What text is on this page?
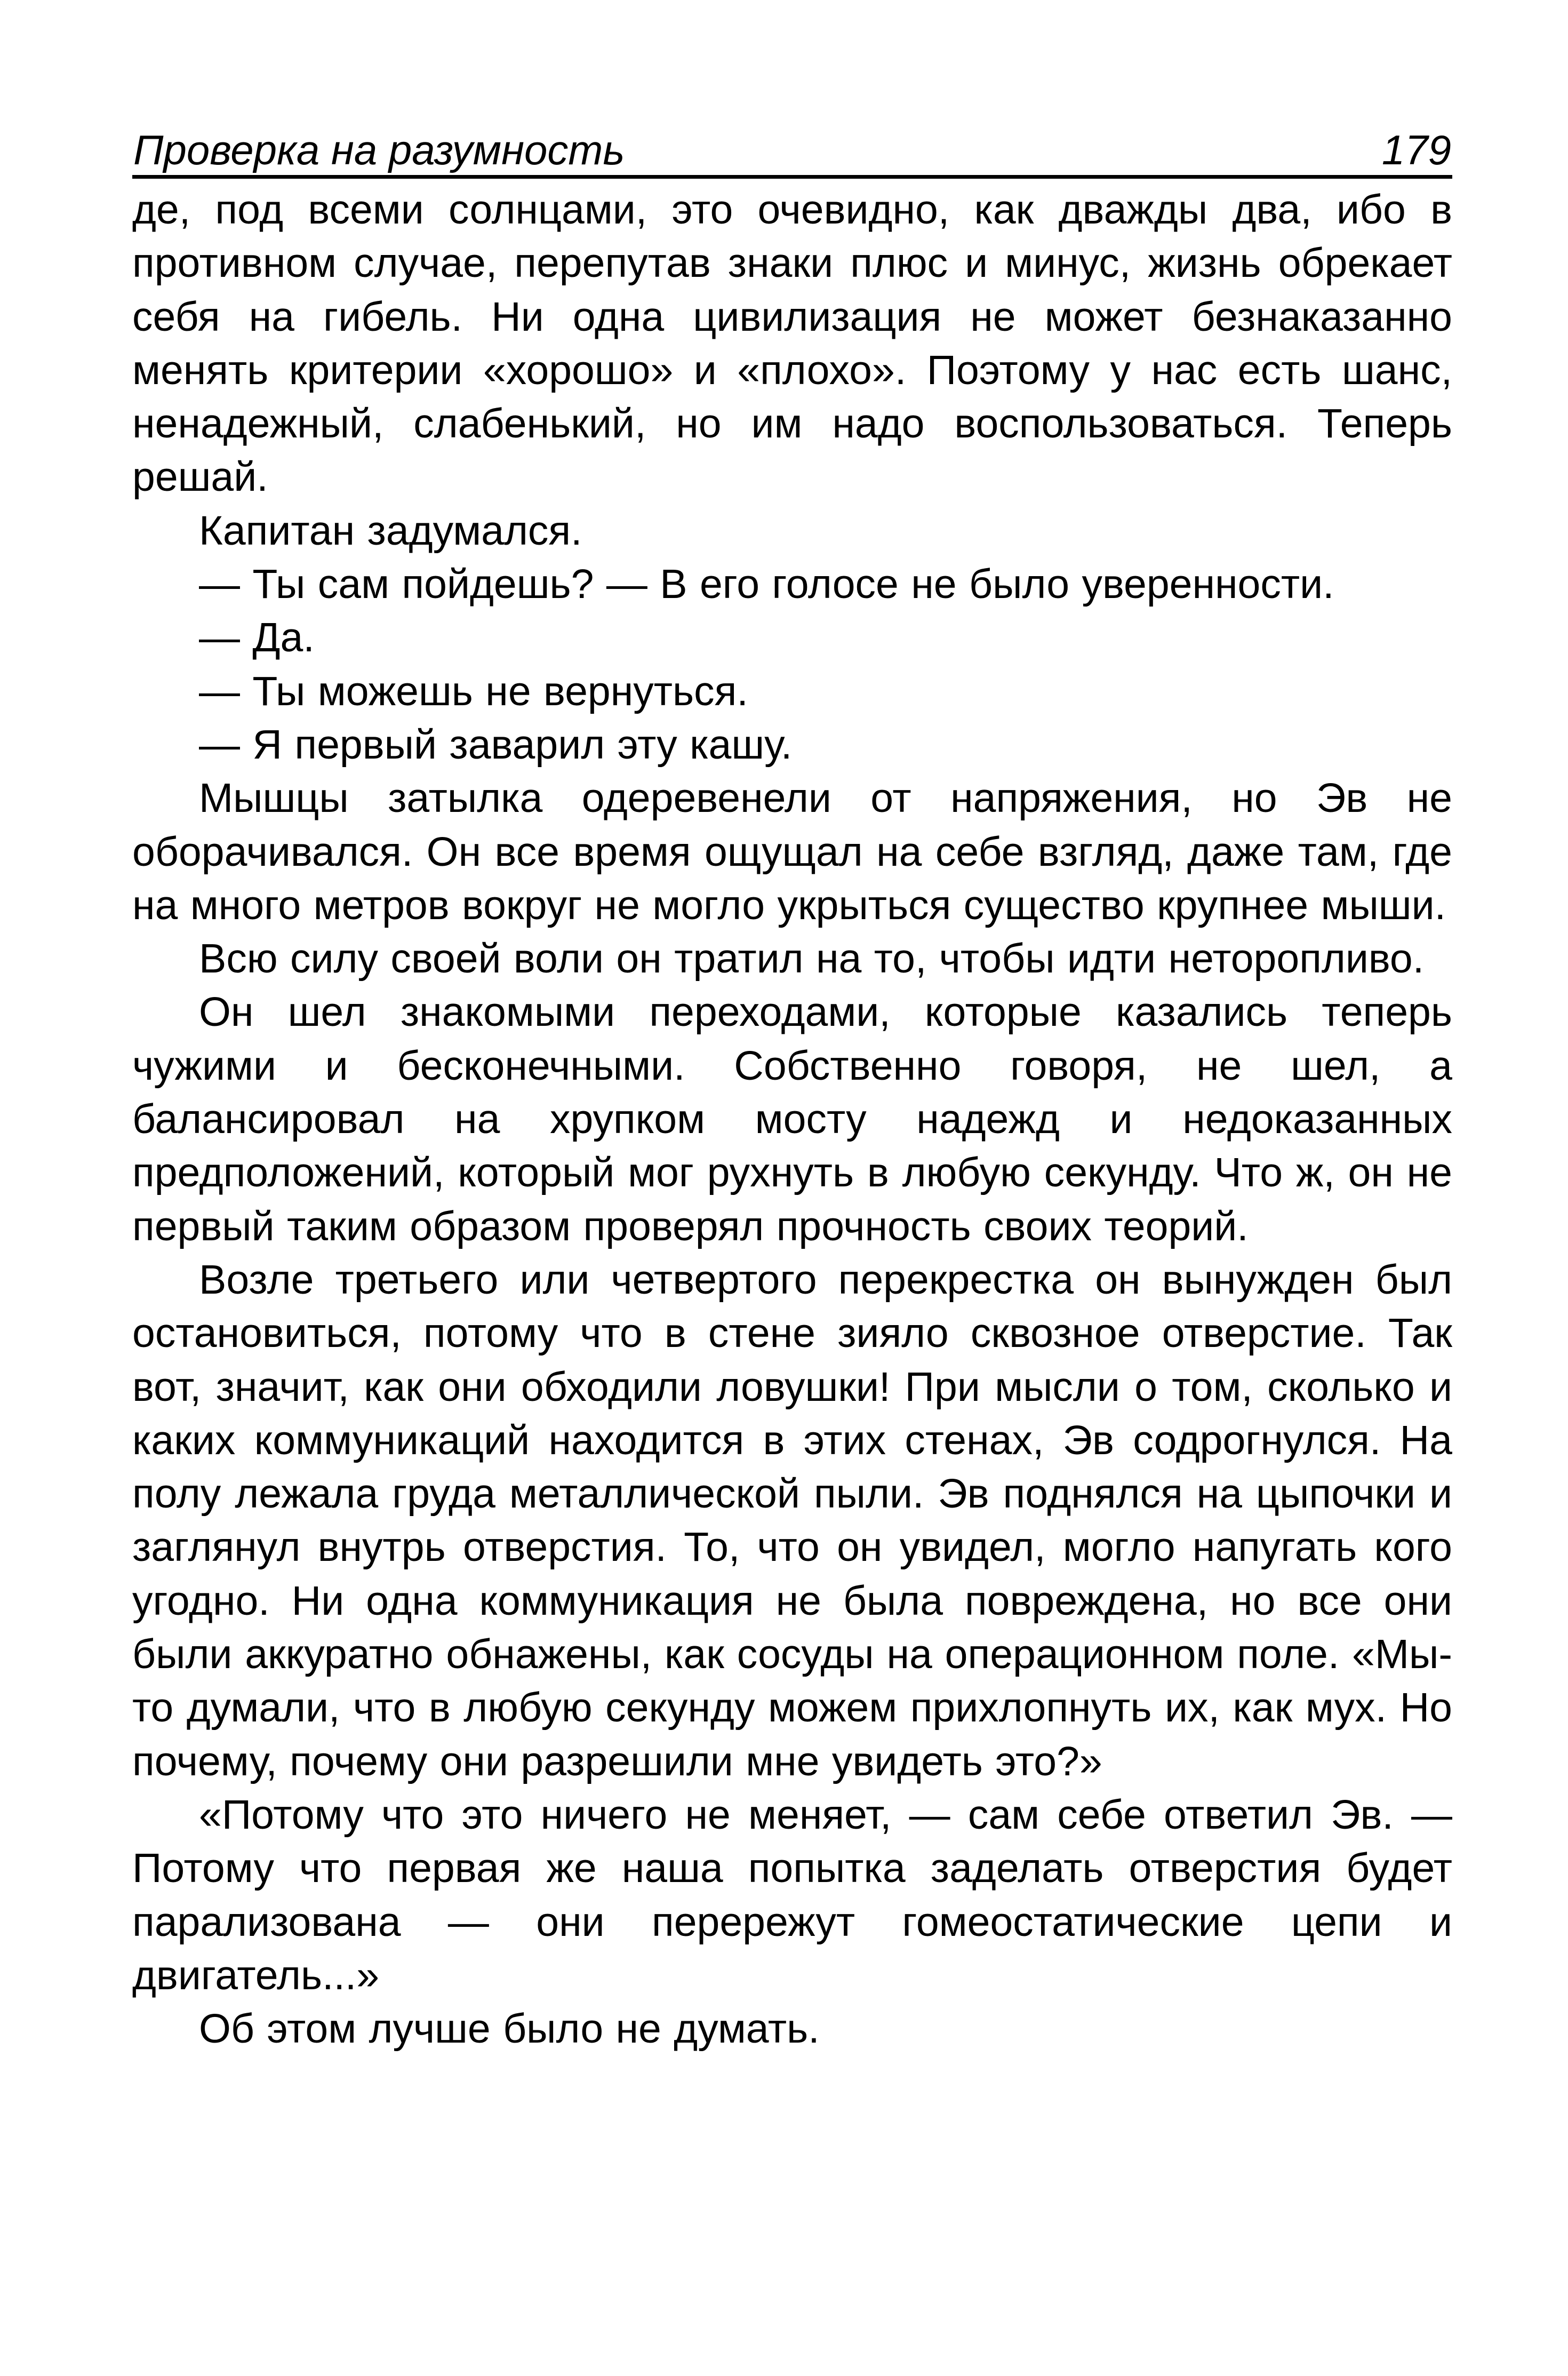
Проверка на разумность	179

де, под всеми солнцами, это очевидно, как дважды два, ибо в противном случае, перепутав знаки плюс и минус, жизнь обрекает себя на гибель. Ни одна цивилизация не может безнаказанно менять критерии «хорошо» и «плохо». Поэтому у нас есть шанс, ненадежный, слабенький, но им надо воспользоваться. Теперь решай.

Капитан задумался.

— Ты сам пойдешь? — В его голосе не было уверенности.

— Да.

— Ты можешь не вернуться.

— Я первый заварил эту кашу.

Мышцы затылка одеревенели от напряжения, но Эв не оборачивался. Он все время ощущал на себе взгляд, даже там, где на много метров вокруг не могло укрыться существо крупнее мыши.

Всю силу своей воли он тратил на то, чтобы идти неторопливо.

Он шел знакомыми переходами, которые казались теперь чужими и бесконечными. Собственно говоря, не шел, а балансировал на хрупком мосту надежд и недоказанных предположений, который мог рухнуть в любую секунду. Что ж, он не первый таким образом проверял прочность своих теорий.

Возле третьего или четвертого перекрестка он вынужден был остановиться, потому что в стене зияло сквозное отверстие. Так вот, значит, как они обходили ловушки! При мысли о том, сколько и каких коммуникаций находится в этих стенах, Эв содрогнулся. На полу лежала груда металлической пыли. Эв поднялся на цыпочки и заглянул внутрь отверстия. То, что он увидел, могло напугать кого угодно. Ни одна коммуникация не была повреждена, но все они были аккуратно обнажены, как сосуды на операционном поле. «Мы-то думали, что в любую секунду можем прихлопнуть их, как мух. Но почему, почему они разрешили мне увидеть это?»

«Потому что это ничего не меняет, — сам себе ответил Эв. — Потому что первая же наша попытка заделать отверстия будет парализована — они перережут гомеостатические цепи и двигатель...»

Об этом лучше было не думать.
